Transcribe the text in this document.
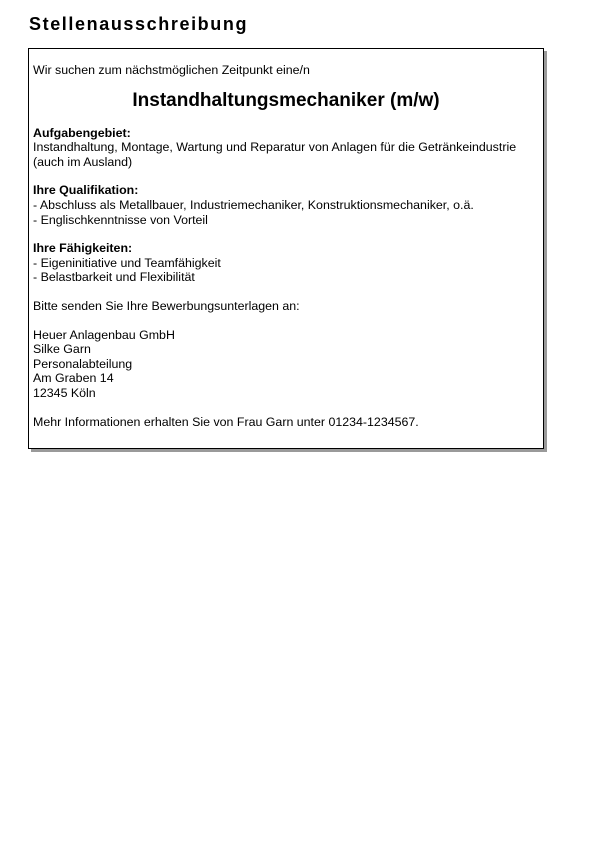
Stellenausschreibung
Wir suchen zum nächstmöglichen Zeitpunkt eine/n
Instandhaltungsmechaniker (m/w)
Aufgabengebiet:
Instandhaltung, Montage, Wartung und Reparatur von Anlagen für die Getränkeindustrie (auch im Ausland)
Ihre Qualifikation:
- Abschluss als Metallbauer, Industriemechaniker, Konstruktionsmechaniker, o.ä.
- Englischkenntnisse von Vorteil
Ihre Fähigkeiten:
- Eigeninitiative und Teamfähigkeit
- Belastbarkeit und Flexibilität
Bitte senden Sie Ihre Bewerbungsunterlagen an:
Heuer Anlagenbau GmbH
Silke Garn
Personalabteilung
Am Graben 14
12345 Köln
Mehr Informationen erhalten Sie von Frau Garn unter 01234-1234567.
